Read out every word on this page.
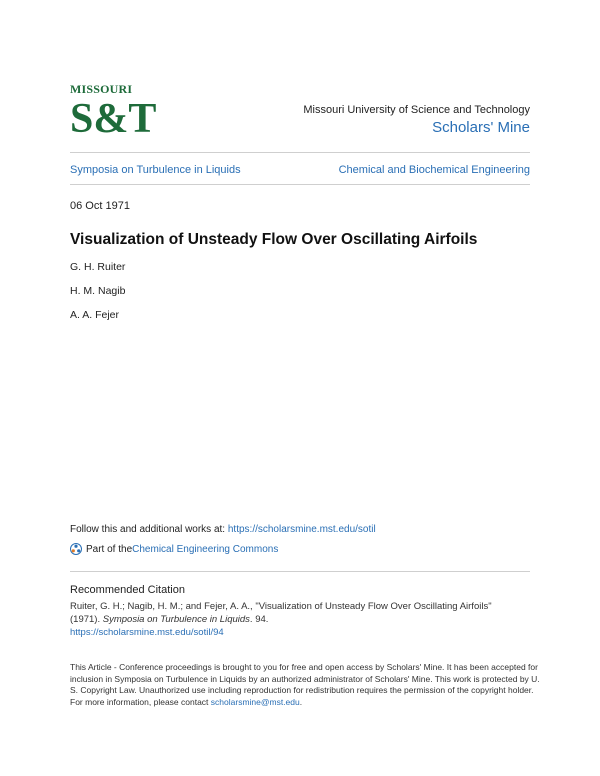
MISSOURI
S&T	Missouri University of Science and Technology
Scholars' Mine
Symposia on Turbulence in Liquids	Chemical and Biochemical Engineering
06 Oct 1971
Visualization of Unsteady Flow Over Oscillating Airfoils
G. H. Ruiter
H. M. Nagib
A. A. Fejer
Follow this and additional works at: https://scholarsmine.mst.edu/sotil
Part of the Chemical Engineering Commons
Recommended Citation
Ruiter, G. H.; Nagib, H. M.; and Fejer, A. A., "Visualization of Unsteady Flow Over Oscillating Airfoils"
(1971). Symposia on Turbulence in Liquids. 94.
https://scholarsmine.mst.edu/sotil/94
This Article - Conference proceedings is brought to you for free and open access by Scholars' Mine. It has been accepted for inclusion in Symposia on Turbulence in Liquids by an authorized administrator of Scholars' Mine. This work is protected by U. S. Copyright Law. Unauthorized use including reproduction for redistribution requires the permission of the copyright holder. For more information, please contact scholarsmine@mst.edu.
